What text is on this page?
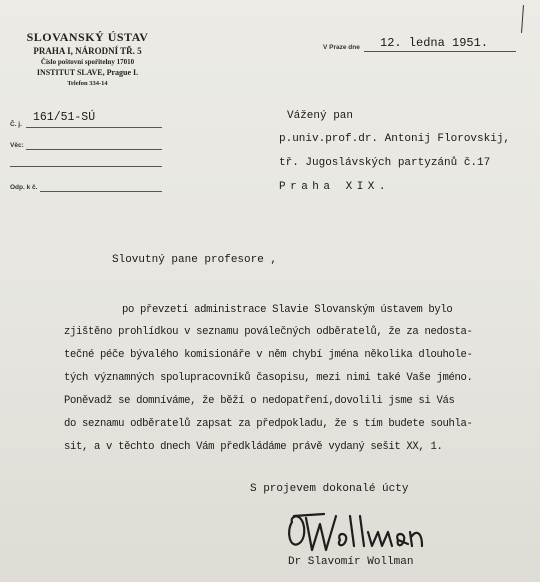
SLOVANSKÝ ÚSTAV
PRAHA I, NÁRODNÍ TŘ. 5
Číslo poštovní spořitelny 17010
INSTITUT SLAVE, Prague I.
Telefon 334-14
V Praze dne 12. ledna 1951.
Č. j.
161/51-SÚ
Věc:
Odp. k č.
Vážený pan
p.univ.prof.dr. Antonij Florovskij,
tř. Jugoslávských partyzánů č.17
Praha XIX.
Slovutný pane profesore ,
po převzetí administrace Slavie Slovanským ústavem bylo
zjištěno prohlídkou v seznamu poválečných odběratelů, že za nedosta-
tečné péče bývalého komisionáře v něm chybí jména několika dlouhole-
tých významných spolupracovníků časopisu, mezi nimi také Vaše jméno.
Poněvadž se domníváme, že běží o nedopatření,dovolili jsme si Vás
do seznamu odběratelů zapsat za předpokladu, že s tím budete souhla-
sit, a v těchto dnech Vám předkládáme právě vydaný sešit XX, 1.
S projevem dokonalé úcty
Dr Slavomír Wollman
